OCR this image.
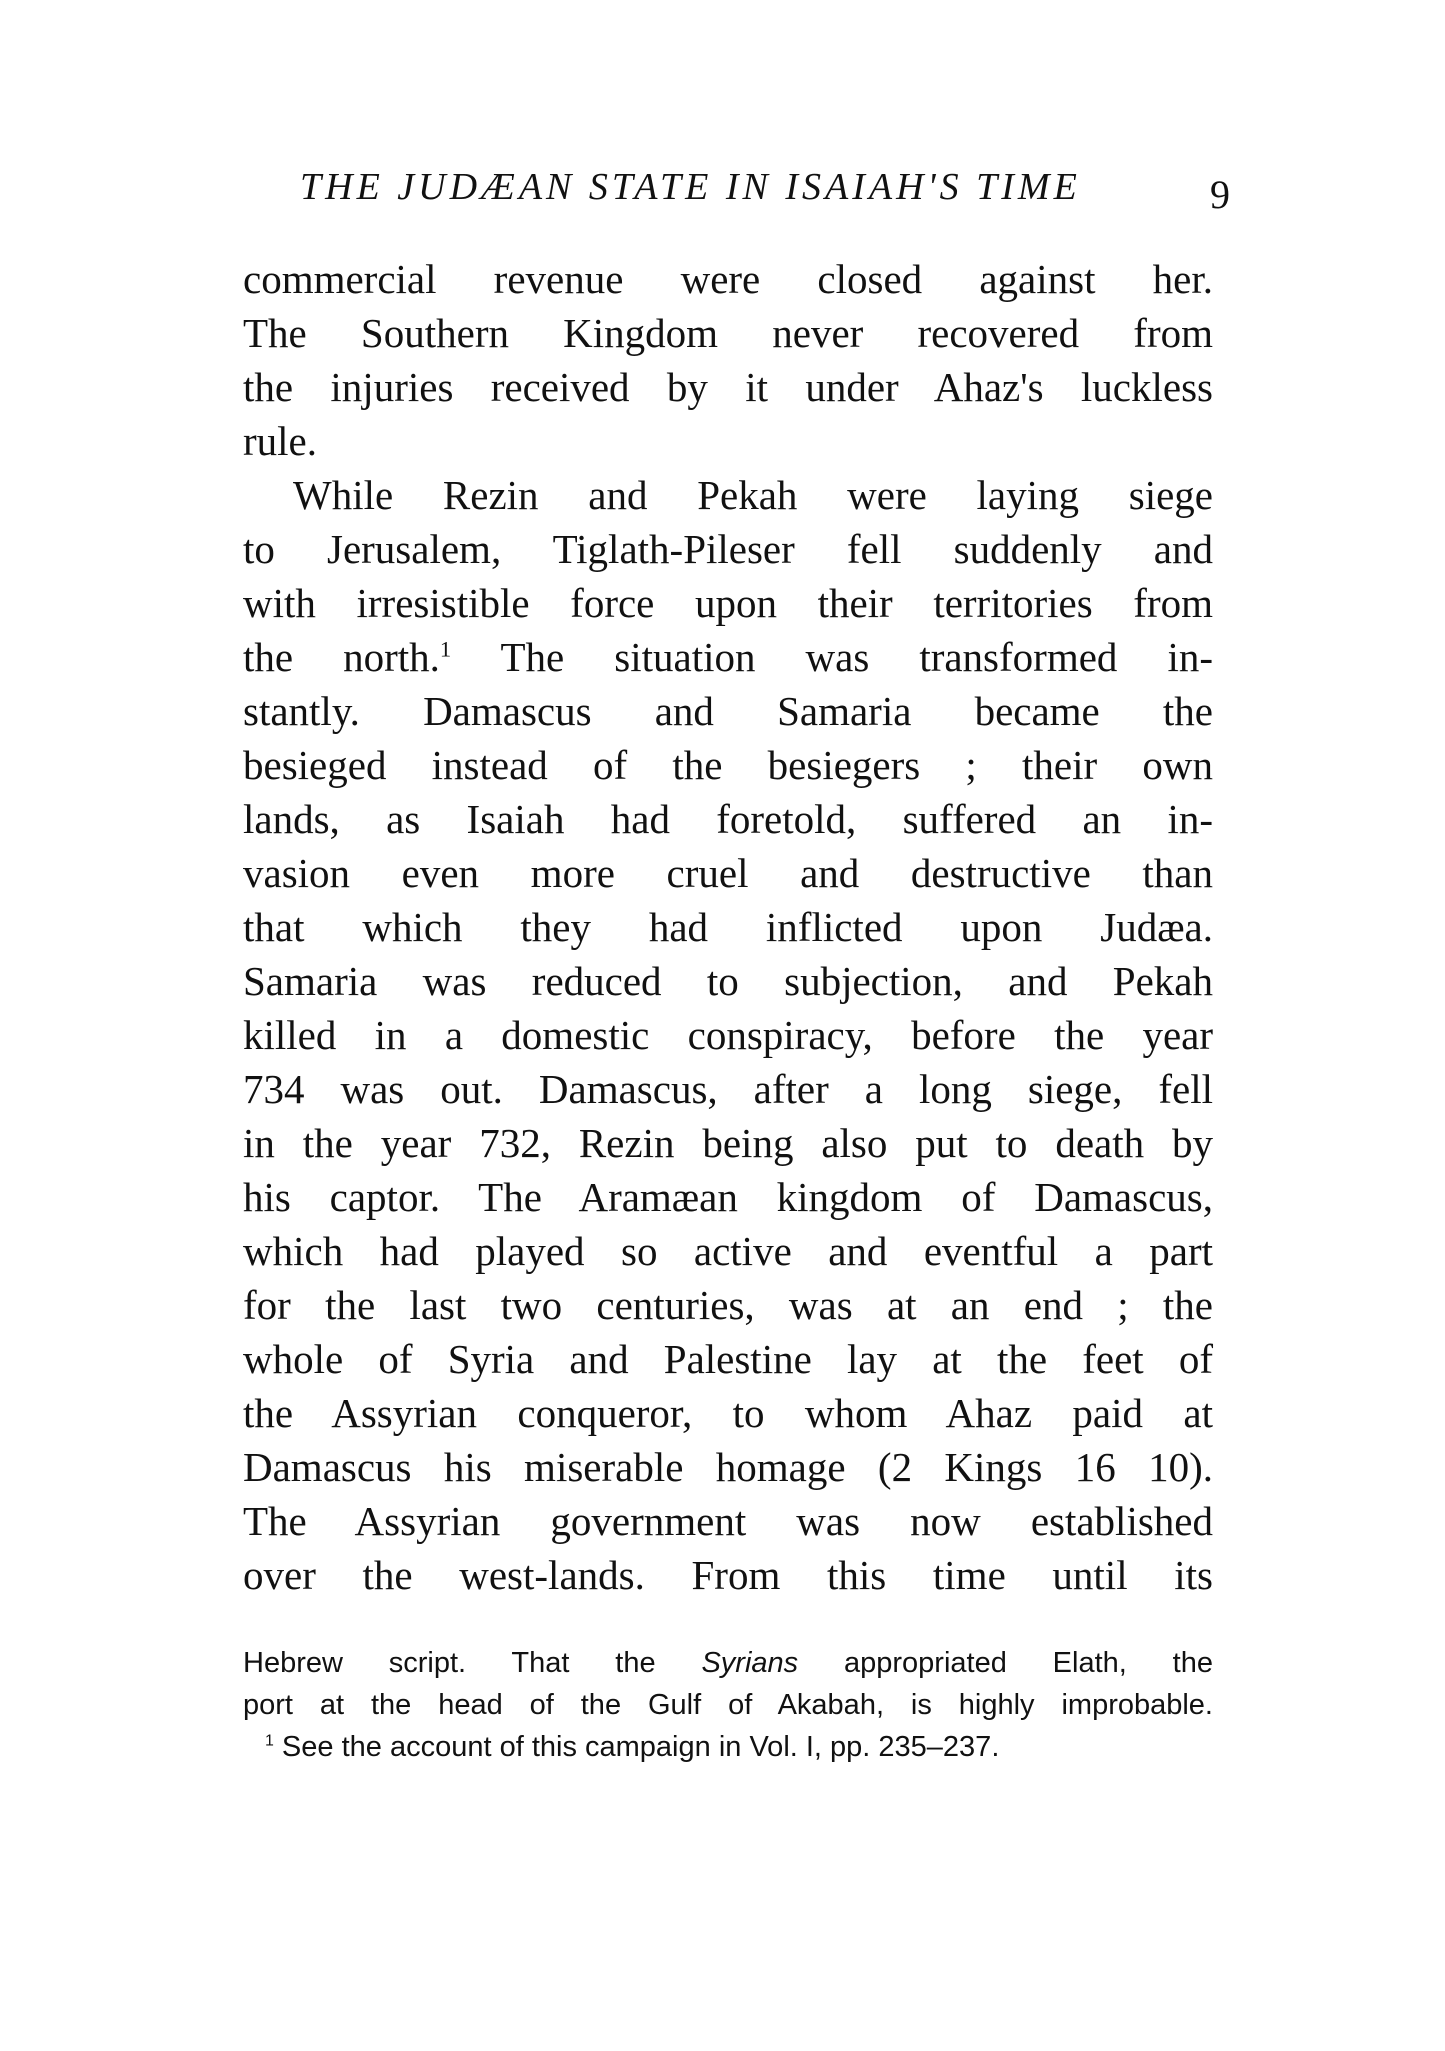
THE JUDÆAN STATE IN ISAIAH'S TIME	9
commercial revenue were closed against her.
The Southern Kingdom never recovered from
the injuries received by it under Ahaz's luckless
rule.
While Rezin and Pekah were laying siege
to Jerusalem, Tiglath-Pileser fell suddenly and
with irresistible force upon their territories from
the north.$^1$ The situation was transformed in-
stantly. Damascus and Samaria became the
besieged instead of the besiegers ; their own
lands, as Isaiah had foretold, suffered an in-
vasion even more cruel and destructive than
that which they had inflicted upon Judæa.
Samaria was reduced to subjection, and Pekah
killed in a domestic conspiracy, before the year
734 was out. Damascus, after a long siege, fell
in the year 732, Rezin being also put to death by
his captor. The Aramæan kingdom of Damascus,
which had played so active and eventful a part
for the last two centuries, was at an end ; the
whole of Syria and Palestine lay at the feet of
the Assyrian conqueror, to whom Ahaz paid at
Damascus his miserable homage (2 Kings 16 10).
The Assyrian government was now established
over the west-lands. From this time until its
Hebrew script. That the Syrians appropriated Elath, the
port at the head of the Gulf of Akabah, is highly improbable.
$^1$ See the account of this campaign in Vol. I, pp. 235–237.
